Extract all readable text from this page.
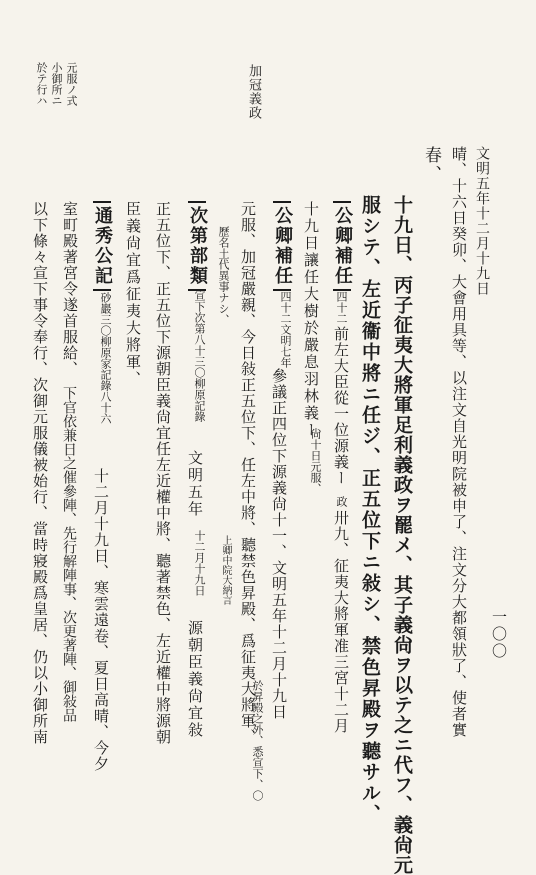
一〇〇
加冠義政
元服ノ式
小御所ニ
於テ行ハ
文明五年十二月十九日
晴、十六日癸卯、大會用具等、以注文自光明院被申了、注文分大都領狀了、使者實
春、
十九日、丙子征夷大將軍足利義政ヲ罷メ、其子義尙ヲ以テ之ニ代フ、義尙元
服シテ、左近衞中將ニ任ジ、正五位下ニ敍シ、禁色昇殿ヲ聽サル、
公卿補任
四十二
前左大臣從一位源義ー
政
卅九、征夷大將軍准三宮十二月
十九日讓任大樹於嚴息羽林義ー
尙十日元服、
公卿補任
四十二文明七年
參議正四位下源義尙十一、文明五年十二月十九日
元服、加冠嚴親、今日敍正五位下、任左中將、聽禁色昇殿、爲征夷大將軍、
於昇殿之外、悉宣下、〇
歷名土代異事ナシ、
次第部類
宣下次第八十三〇柳原記錄
文明五年
十二月十九日 上卿中院大納言
源朝臣義尙宜敍
正五位下、正五位下源朝臣義尙宜任左近權中將、聽著禁色、左近權中將源朝
臣義尙宜爲征夷大將軍、
通秀公記
砂巖三〇柳原家記錄八十六
十二月十九日、寒雲遠卷、夏日高晴、今夕
室町殿著宮令遂首服給、
下官依兼日之催參陣、先行解陣事、次更著陣、御敍品
以下條々宣下事令奉行、次御元服儀被始行、當時寢殿爲皇居、仍以小御所南
